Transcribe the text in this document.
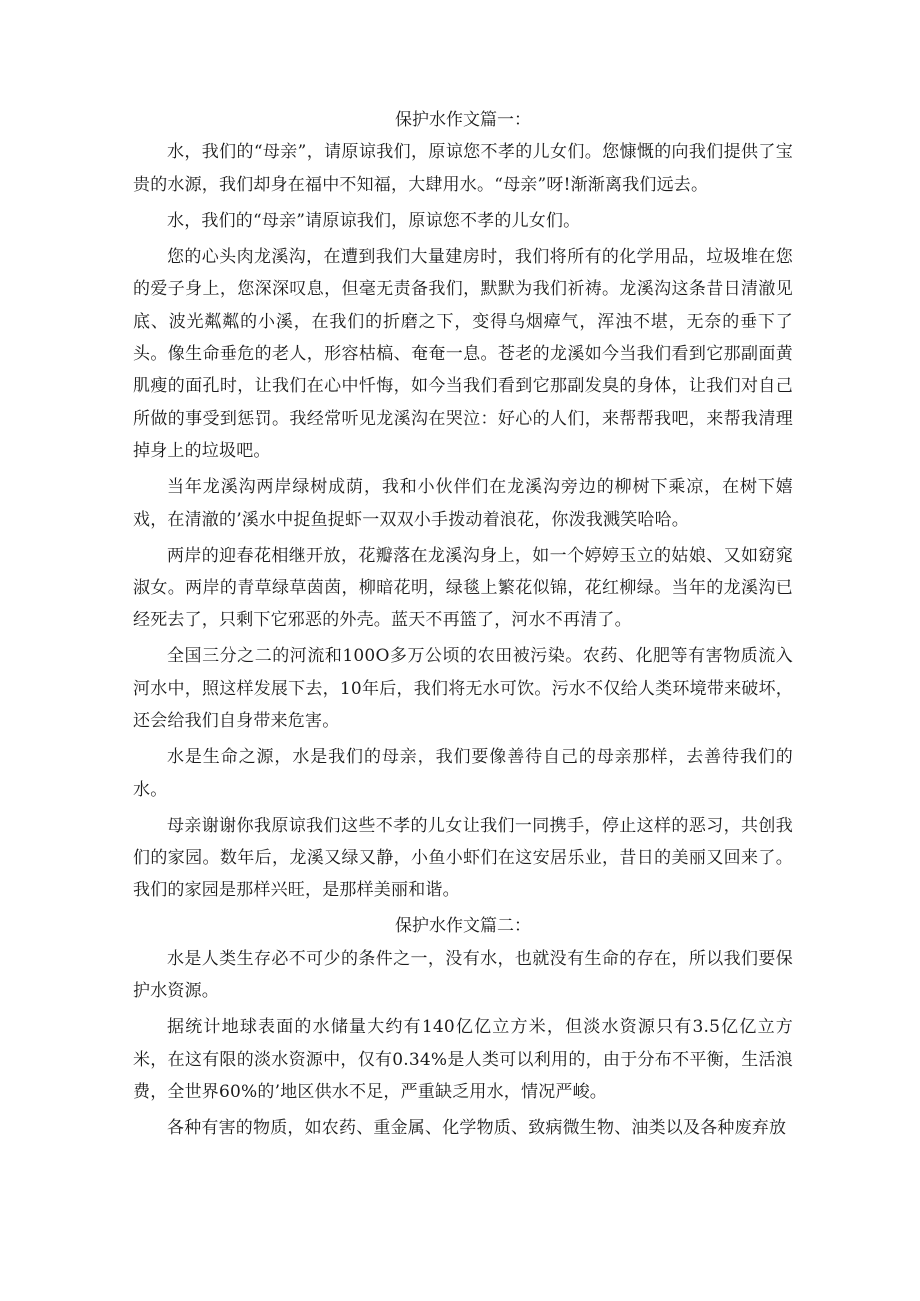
保护水作文篇一：

水，我们的“母亲”，请原谅我们，原谅您不孝的儿女们。您慷慨的向我们提供了宝贵的水源，我们却身在福中不知福，大肆用水。“母亲”呀!渐渐离我们远去。

水，我们的“母亲”请原谅我们，原谅您不孝的儿女们。

您的心头肉龙溪沟，在遭到我们大量建房时，我们将所有的化学用品，垃圾堆在您的爱子身上，您深深叹息，但毫无责备我们，默默为我们祈祷。龙溪沟这条昔日清澈见底、波光粼粼的小溪，在我们的折磨之下，变得乌烟瘴气，浑浊不堪，无奈的垂下了头。像生命垂危的老人，形容枯槁、奄奄一息。苍老的龙溪如今当我们看到它那副面黄肌瘦的面孔时，让我们在心中忏悔，如今当我们看到它那副发臭的身体，让我们对自己所做的事受到惩罚。我经常听见龙溪沟在哭泣：好心的人们，来帮帮我吧，来帮我清理掉身上的垃圾吧。

当年龙溪沟两岸绿树成荫，我和小伙伴们在龙溪沟旁边的柳树下乘凉，在树下嬉戏，在清澈的’溪水中捉鱼捉虾一双双小手拨动着浪花，你泼我溅笑哈哈。

两岸的迎春花相继开放，花瓣落在龙溪沟身上，如一个婷婷玉立的姑娘、又如窈窕淑女。两岸的青草绿草茵茵，柳暗花明，绿毯上繁花似锦，花红柳绿。当年的龙溪沟已经死去了，只剩下它邪恶的外壳。蓝天不再篮了，河水不再清了。

全国三分之二的河流和100O多万公顷的农田被污染。农药、化肥等有害物质流入河水中，照这样发展下去，10年后，我们将无水可饮。污水不仅给人类环境带来破坏，还会给我们自身带来危害。

水是生命之源，水是我们的母亲，我们要像善待自己的母亲那样，去善待我们的水。

母亲谢谢你我原谅我们这些不孝的儿女让我们一同携手，停止这样的恶习，共创我们的家园。数年后，龙溪又绿又静，小鱼小虾们在这安居乐业，昔日的美丽又回来了。我们的家园是那样兴旺，是那样美丽和谐。

保护水作文篇二：

水是人类生存必不可少的条件之一，没有水，也就没有生命的存在，所以我们要保护水资源。

据统计地球表面的水储量大约有140亿亿立方米，但淡水资源只有3.5亿亿立方米，在这有限的淡水资源中，仅有0.34%是人类可以利用的，由于分布不平衡，生活浪费，全世界60%的’地区供水不足，严重缺乏用水，情况严峻。

各种有害的物质，如农药、重金属、化学物质、致病微生物、油类以及各种废弃放
